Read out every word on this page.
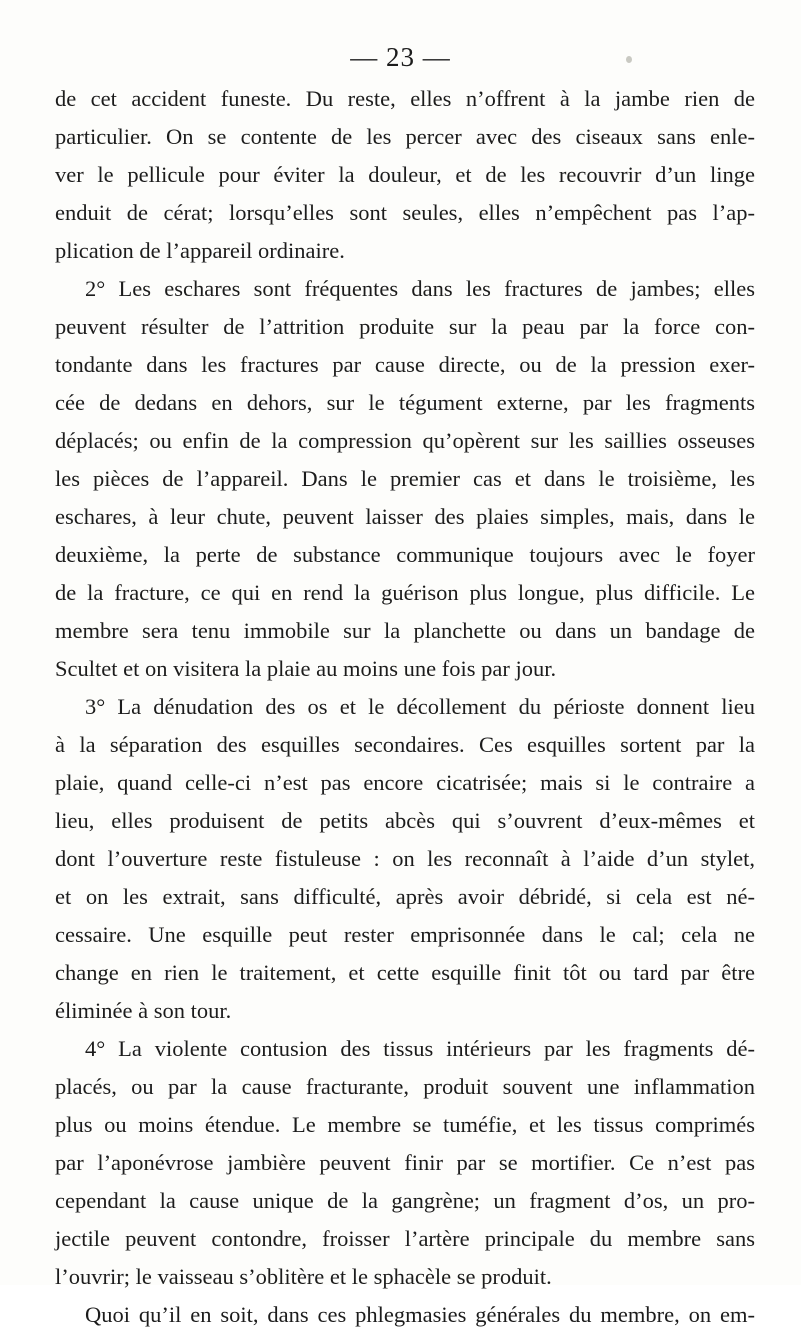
— 23 —
de cet accident funeste. Du reste, elles n’offrent à la jambe rien de
particulier. On se contente de les percer avec des ciseaux sans enle-
ver le pellicule pour éviter la douleur, et de les recouvrir d’un linge
enduit de cérat; lorsqu’elles sont seules, elles n’empêchent pas l’ap-
plication de l’appareil ordinaire.
2° Les eschares sont fréquentes dans les fractures de jambes; elles
peuvent résulter de l’attrition produite sur la peau par la force con-
tondante dans les fractures par cause directe, ou de la pression exer-
cée de dedans en dehors, sur le tégument externe, par les fragments
déplacés; ou enfin de la compression qu’opèrent sur les saillies osseuses
les pièces de l’appareil. Dans le premier cas et dans le troisième, les
eschares, à leur chute, peuvent laisser des plaies simples, mais, dans le
deuxième, la perte de substance communique toujours avec le foyer
de la fracture, ce qui en rend la guérison plus longue, plus difficile. Le
membre sera tenu immobile sur la planchette ou dans un bandage de
Scultet et on visitera la plaie au moins une fois par jour.
3° La dénudation des os et le décollement du périoste donnent lieu
à la séparation des esquilles secondaires. Ces esquilles sortent par la
plaie, quand celle-ci n’est pas encore cicatrisée; mais si le contraire a
lieu, elles produisent de petits abcès qui s’ouvrent d’eux-mêmes et
dont l’ouverture reste fistuleuse : on les reconnaît à l’aide d’un stylet,
et on les extrait, sans difficulté, après avoir débridé, si cela est né-
cessaire. Une esquille peut rester emprisonnée dans le cal; cela ne
change en rien le traitement, et cette esquille finit tôt ou tard par être
éliminée à son tour.
4° La violente contusion des tissus intérieurs par les fragments dé-
placés, ou par la cause fracturante, produit souvent une inflammation
plus ou moins étendue. Le membre se tuméfie, et les tissus comprimés
par l’aponévrose jambière peuvent finir par se mortifier. Ce n’est pas
cependant la cause unique de la gangrène; un fragment d’os, un pro-
jectile peuvent contondre, froisser l’artère principale du membre sans
l’ouvrir; le vaisseau s’oblitère et le sphacèle se produit.
Quoi qu’il en soit, dans ces phlegmasies générales du membre, on em-
